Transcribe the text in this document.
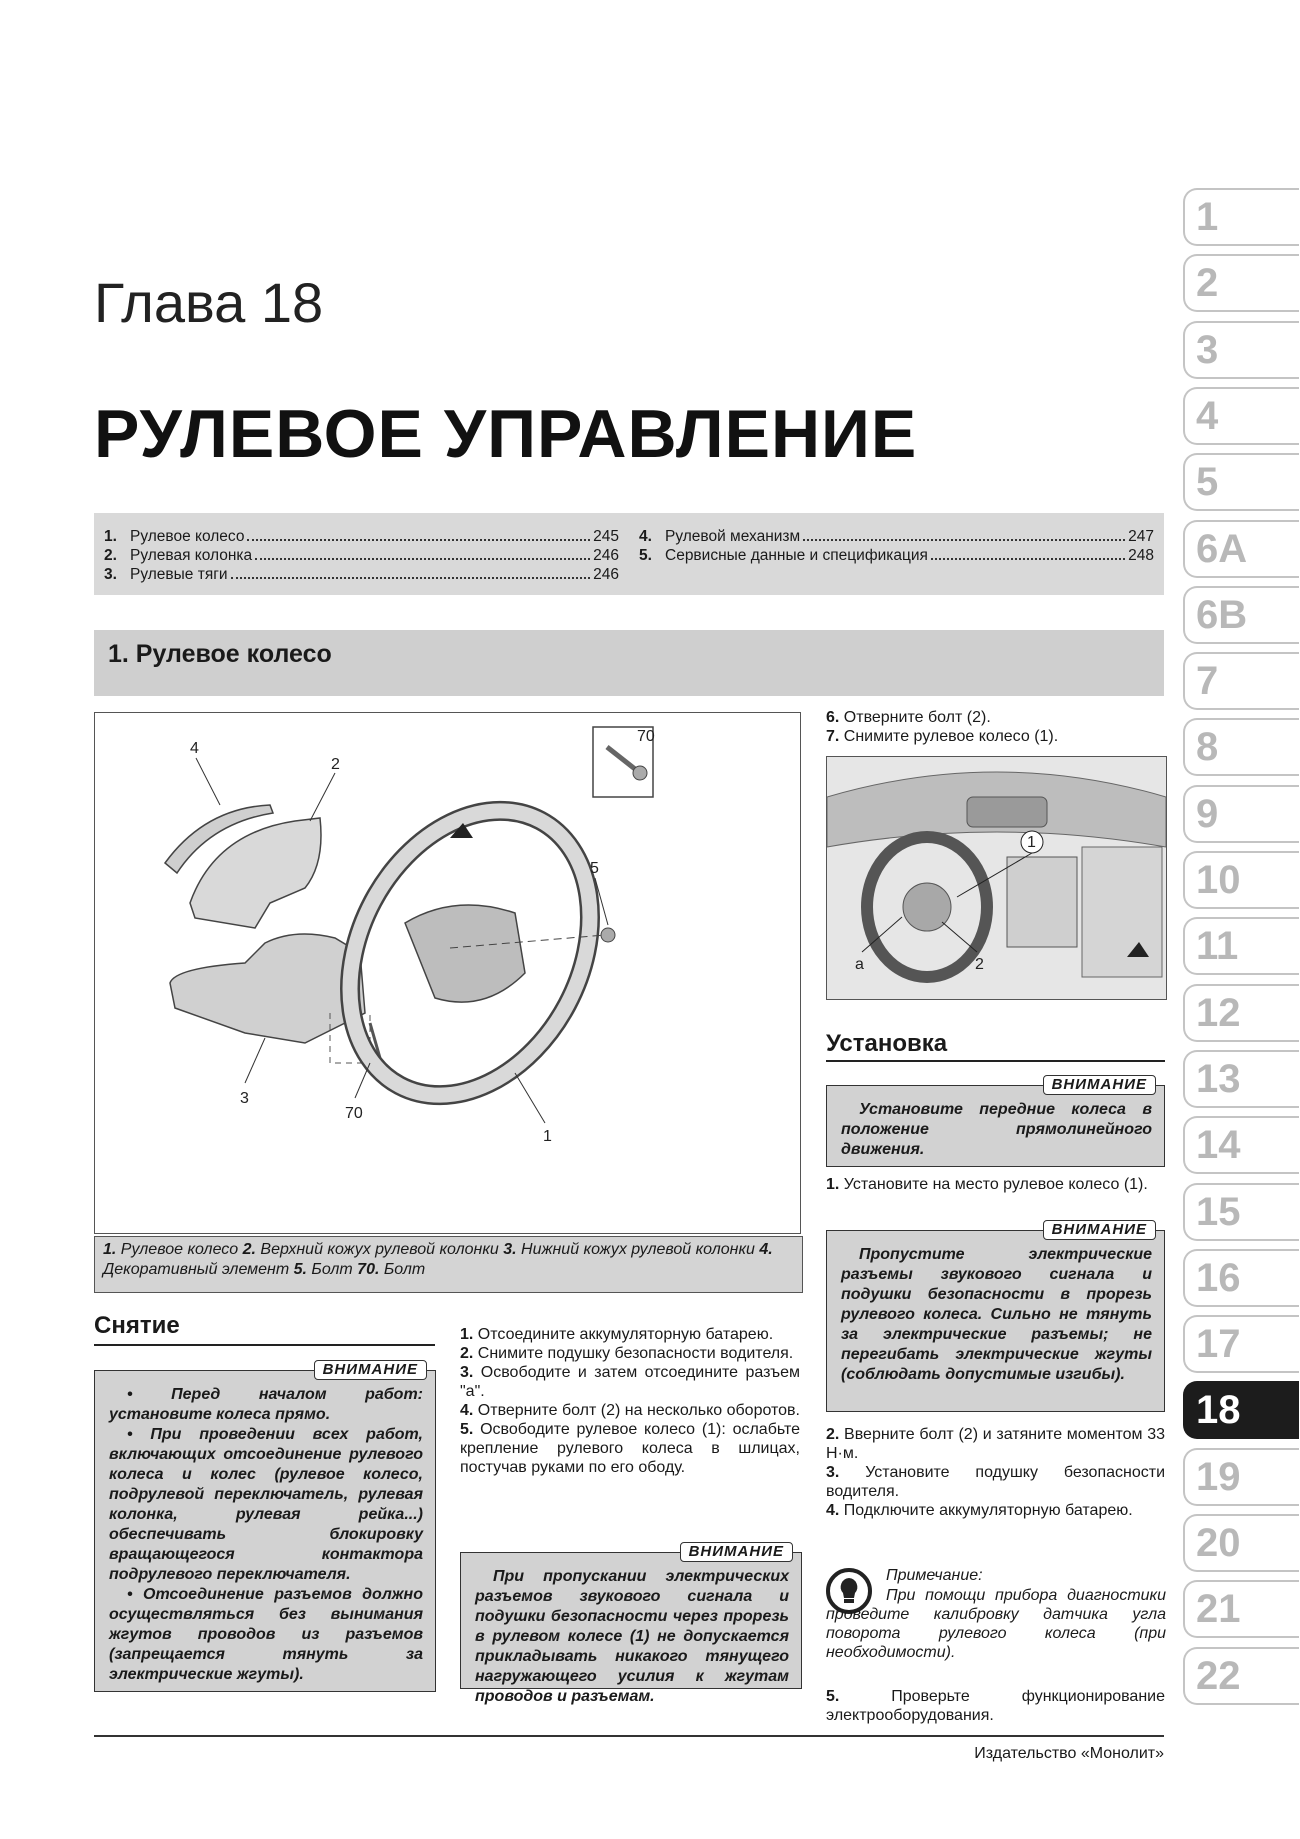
Глава 18
РУЛЕВОЕ УПРАВЛЕНИЕ
1. Рулевое колесо	245
2. Рулевая колонка	246
3. Рулевые тяги	246
4. Рулевой механизм	247
5. Сервисные данные и спецификация	248
1. Рулевое колесо
4
2
70
5
3
70
1
1. Рулевое колесо 2. Верхний кожух рулевой колонки 3. Нижний кожух рулевой колонки 4. Декоративный элемент 5. Болт 70. Болт

6. Отверните болт (2).

7. Снимите рулевое колесо (1).

1
a	2
Снятие
ВНИМАНИЕ

• Перед началом работ: установите колеса прямо.

• При проведении всех работ, включающих отсоединение рулевого колеса и колес (рулевое колесо, подрулевой переключатель, рулевая колонка, рулевая рейка...) обеспечивать блокировку вращающегося контактора подрулевого переключателя.

• Отсоединение разъемов должно осуществляться без вынимания жгутов проводов из разъемов (запрещается тянуть за электрические жгуты).

1. Отсоедините аккумуляторную батарею.

2. Снимите подушку безопасности водителя.

3. Освободите и затем отсоедините разъем "а".

4. Отверните болт (2) на несколько оборотов.

5. Освободите рулевое колесо (1): ослабьте крепление рулевого колеса в шлицах, постучав руками по его ободу.

ВНИМАНИЕ

При пропускании электрических разъемов звукового сигнала и подушки безопасности через прорезь в рулевом колесе (1) не допускается прикладывать никакого тянущего нагружающего усилия к жгутам проводов и разъемам.

Установка
ВНИМАНИЕ

Установите передние колеса в положение прямолинейного движения.

1. Установите на место рулевое колесо (1).

ВНИМАНИЕ

Пропустите электрические разъемы звукового сигнала и подушки безопасности в прорезь рулевого колеса. Сильно не тянуть за электрические разъемы; не перегибать электрические жгуты (соблюдать допустимые изгибы).

2. Вверните болт (2) и затяните моментом 33 Н·м.

3. Установите подушку безопасности водителя.

4. Подключите аккумуляторную батарею.

Примечание:
При помощи прибора диагностики проведите калибровку датчика угла поворота рулевого колеса (при необходимости).

5. Проверьте функционирование электрооборудования.

Издательство «Монолит»
1
2
3
4
5
6A
6B
7
8
9
10
11
12
13
14
15
16
17
18
19
20
21
22
